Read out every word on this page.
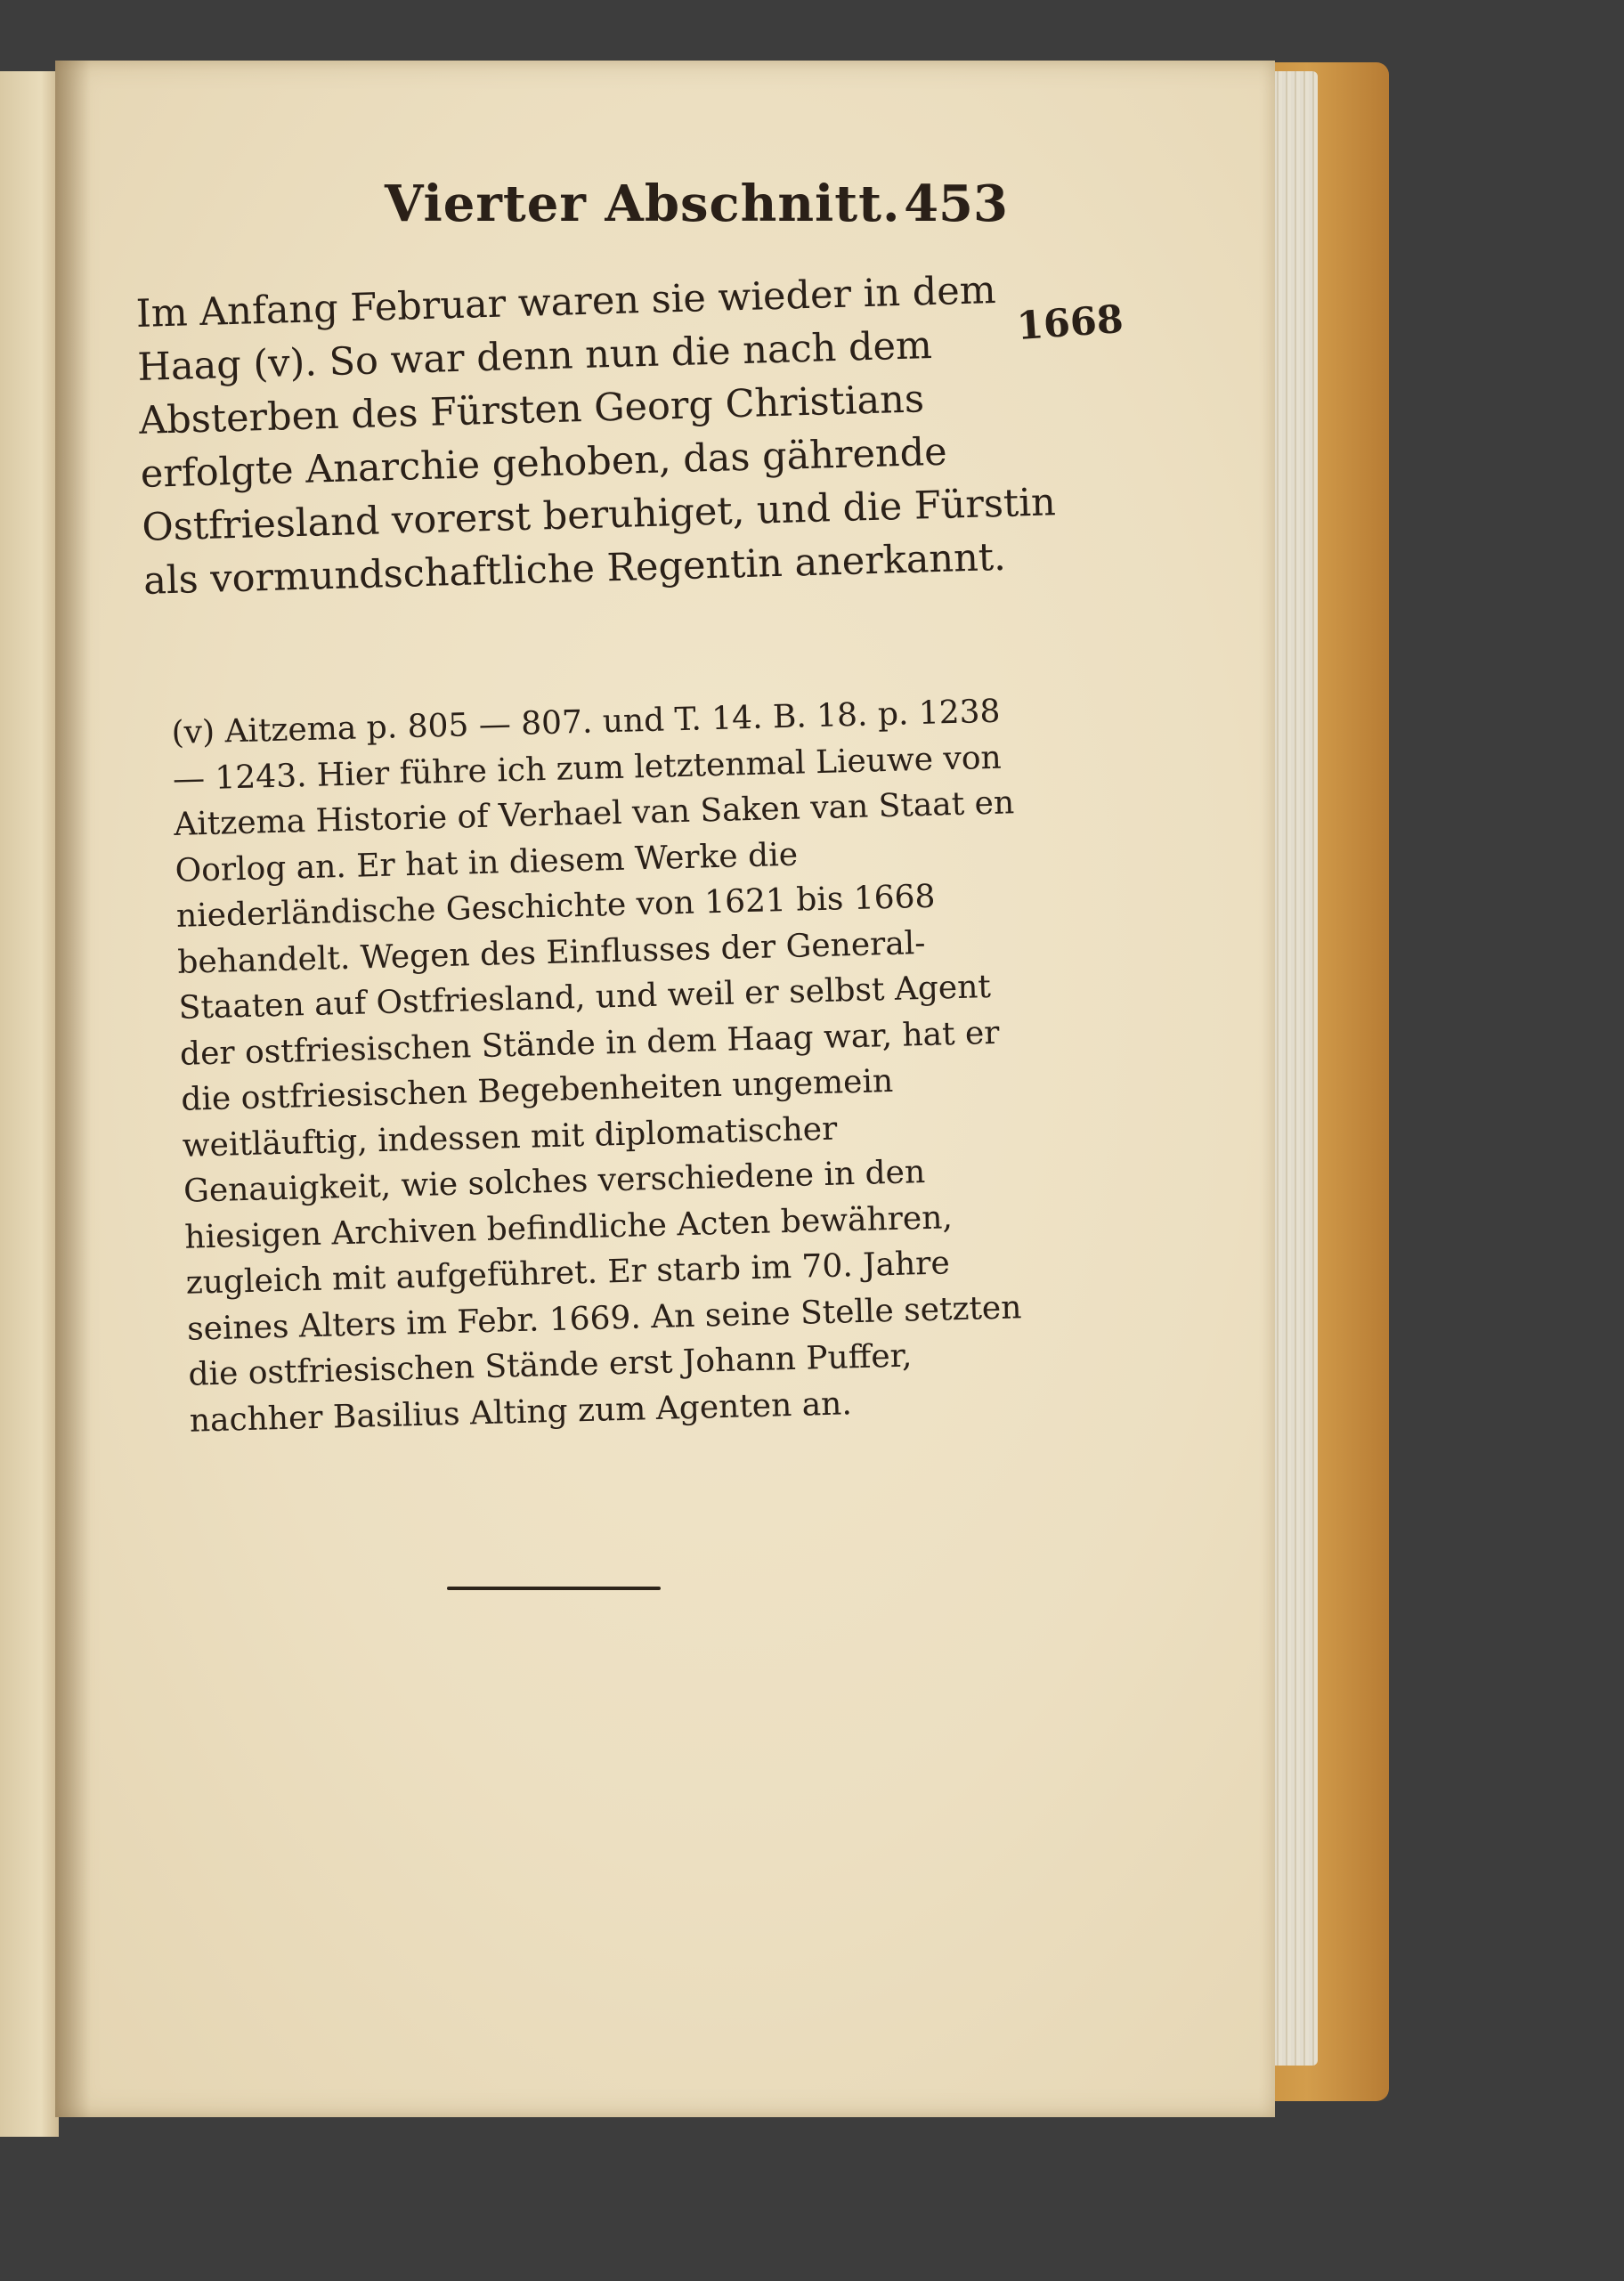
Vierter Abschnitt. 453

Im Anfang Februar waren sie wieder in dem Haag (v). So war denn nun die nach dem Absterben des Fürsten Georg Christians erfolgte Anarchie gehoben, das gährende Ostfriesland vorerst beruhiget, und die Fürstin als vormundschaftliche Regentin anerkannt.

1668

(v) Aitzema p. 805 — 807. und T. 14. B. 18. p. 1238 — 1243. Hier führe ich zum letztenmal Lieuwe von Aitzema Historie of Verhael van Saken van Staat en Oorlog an. Er hat in diesem Werke die niederländische Geschichte von 1621 bis 1668 behandelt. Wegen des Einflusses der General-Staaten auf Ostfriesland, und weil er selbst Agent der ostfriesischen Stände in dem Haag war, hat er die ostfriesischen Begebenheiten ungemein weitläuftig, indessen mit diplomatischer Genauigkeit, wie solches verschiedene in den hiesigen Archiven befindliche Acten bewähren, zugleich mit aufgeführet. Er starb im 70. Jahre seines Alters im Febr. 1669. An seine Stelle setzten die ostfriesischen Stände erst Johann Puffer, nachher Basilius Alting zum Agenten an.
